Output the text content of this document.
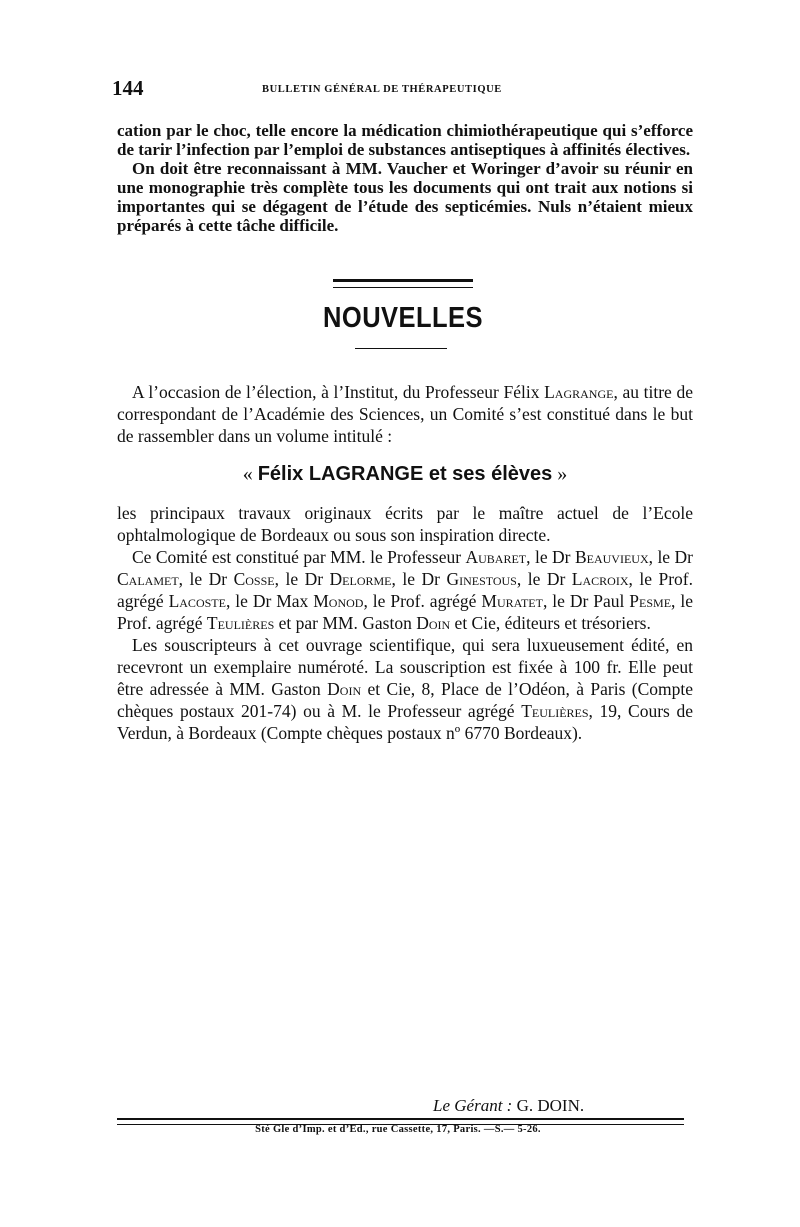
144	BULLETIN GÉNÉRAL DE THÉRAPEUTIQUE

cation par le choc, telle encore la médication chimiothérapeutique qui s’efforce de tarir l’infection par l’emploi de substances antiseptiques à affinités électives.

On doit être reconnaissant à MM. Vaucher et Woringer d’avoir su réunir en une monographie très complète tous les documents qui ont trait aux notions si importantes qui se dégagent de l’étude des septicémies. Nuls n’étaient mieux préparés à cette tâche difficile.

NOUVELLES

A l’occasion de l’élection, à l’Institut, du Professeur Félix Lagrange, au titre de correspondant de l’Académie des Sciences, un Comité s’est constitué dans le but de rassembler dans un volume intitulé :

« Félix LAGRANGE et ses élèves »

les principaux travaux originaux écrits par le maître actuel de l’Ecole ophtalmologique de Bordeaux ou sous son inspiration directe.

Ce Comité est constitué par MM. le Professeur Aubaret, le Dr Beauvieux, le Dr Calamet, le Dr Cosse, le Dr Delorme, le Dr Ginestous, le Dr Lacroix, le Prof. agrégé Lacoste, le Dr Max Monod, le Prof. agrégé Muratet, le Dr Paul Pesme, le Prof. agrégé Teulières et par MM. Gaston Doin et Cie, éditeurs et trésoriers.

Les souscripteurs à cet ouvrage scientifique, qui sera luxueusement édité, en recevront un exemplaire numéroté. La souscription est fixée à 100 fr. Elle peut être adressée à MM. Gaston Doin et Cie, 8, Place de l’Odéon, à Paris (Compte chèques postaux 201-74) ou à M. le Professeur agrégé Teulières, 19, Cours de Verdun, à Bordeaux (Compte chèques postaux nº 6770 Bordeaux).

Le Gérant : G. DOIN.
Sté Gle d’Imp. et d’Ed., rue Cassette, 17, Paris. —S.— 5-26.
